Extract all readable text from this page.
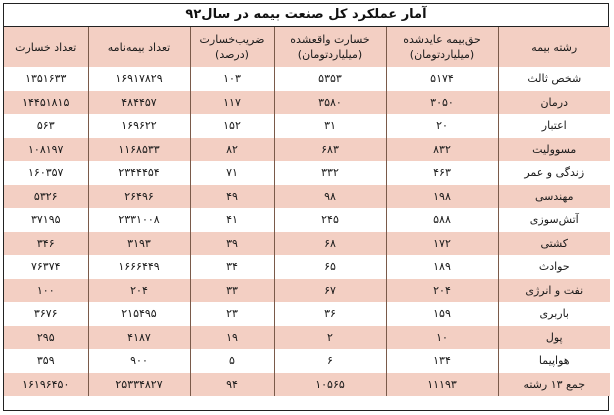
آمار عملکرد کل صنعت بیمه در سال۹۲
رشته بیمه	حق‌بیمه عایدشده (میلیاردتومان)	خسارت واقعشده (میلیاردتومان)	ضریب‌خسارت (درصد)	تعداد بیمه‌نامه	تعداد خسارت
شخص ثالث	۵۱۷۴	۵۳۵۳	۱۰۳	۱۶۹۱۷۸۲۹	۱۳۵۱۶۳۳
درمان	۳۰۵۰	۳۵۸۰	۱۱۷	۴۸۴۴۵۷	۱۴۴۵۱۸۱۵
اعتبار	۲۰	۳۱	۱۵۲	۱۶۹۶۲۲	۵۶۳
مسوولیت	۸۳۲	۶۸۳	۸۲	۱۱۶۸۵۳۳	۱۰۸۱۹۷
زندگی و عمر	۴۶۳	۳۳۲	۷۱	۲۳۴۴۴۵۴	۱۶۰۳۵۷
مهندسی	۱۹۸	۹۸	۴۹	۲۶۴۹۶	۵۳۲۶
آتش‌سوزی	۵۸۸	۲۴۵	۴۱	۲۳۳۱۰۰۸	۳۷۱۹۵
کشتی	۱۷۲	۶۸	۳۹	۳۱۹۳	۳۴۶
حوادث	۱۸۹	۶۵	۳۴	۱۶۶۶۴۴۹	۷۶۳۷۴
نفت و انرژی	۲۰۴	۶۷	۳۳	۲۰۴	۱۰۰
باربری	۱۵۹	۳۶	۲۳	۲۱۵۴۹۵	۳۶۷۶
پول	۱۰	۲	۱۹	۴۱۸۷	۲۹۵
هواپیما	۱۳۴	۶	۵	۹۰۰	۳۵۹
جمع ۱۳ رشته	۱۱۱۹۳	۱۰۵۶۵	۹۴	۲۵۳۳۴۸۲۷	۱۶۱۹۶۴۵۰
